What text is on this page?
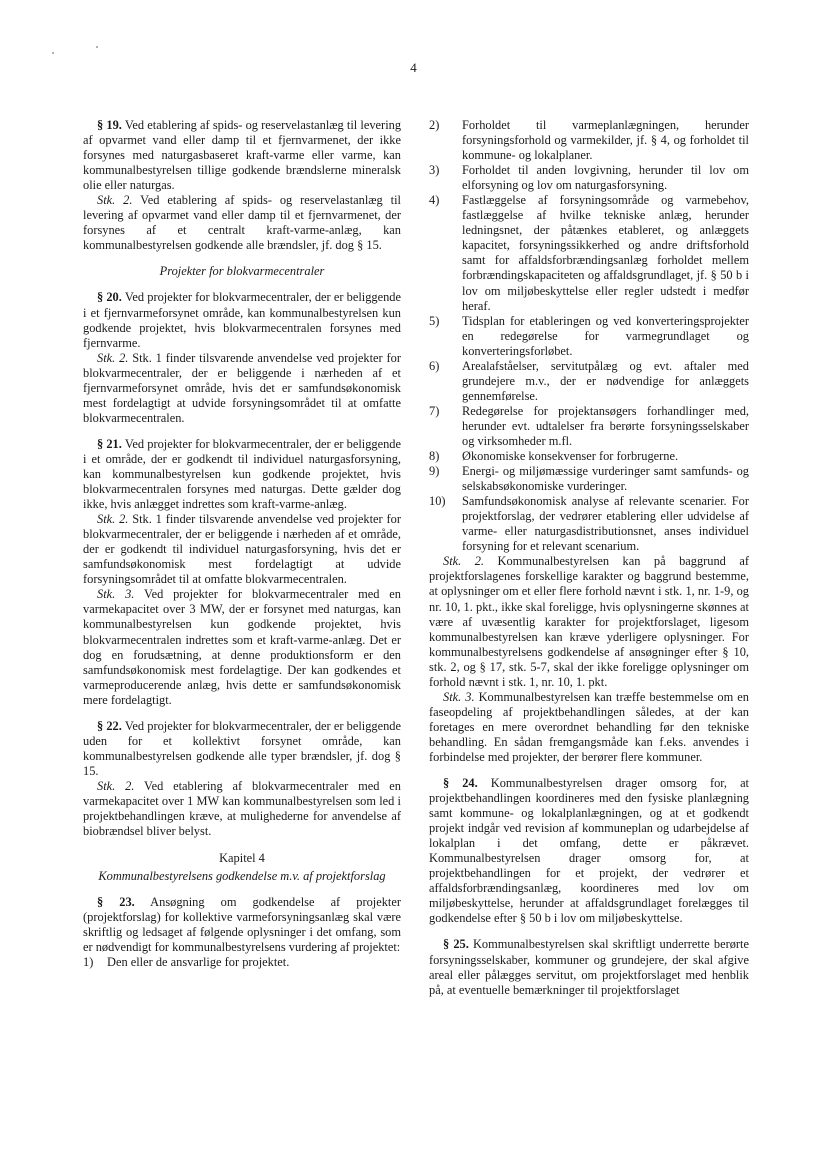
4

§ 19. Ved etablering af spids- og reservelastanlæg til levering af opvarmet vand eller damp til et fjernvarmenet, der ikke forsynes med naturgasbaseret kraft-varme eller varme, kan kommunalbestyrelsen tillige godkende brændslerne mineralsk olie eller naturgas.

Stk. 2. Ved etablering af spids- og reservelastanlæg til levering af opvarmet vand eller damp til et fjernvarmenet, der forsynes af et centralt kraft-varme-anlæg, kan kommunalbestyrelsen godkende alle brændsler, jf. dog § 15.

Projekter for blokvarmecentraler

§ 20. Ved projekter for blokvarmecentraler, der er beliggende i et fjernvarmeforsynet område, kan kommunalbestyrelsen kun godkende projektet, hvis blokvarmecentralen forsynes med fjernvarme.

Stk. 2. Stk. 1 finder tilsvarende anvendelse ved projekter for blokvarmecentraler, der er beliggende i nærheden af et fjernvarmeforsynet område, hvis det er samfundsøkonomisk mest fordelagtigt at udvide forsyningsområdet til at omfatte blokvarmecentralen.

§ 21. Ved projekter for blokvarmecentraler, der er beliggende i et område, der er godkendt til individuel naturgasforsyning, kan kommunalbestyrelsen kun godkende projektet, hvis blokvarmecentralen forsynes med naturgas. Dette gælder dog ikke, hvis anlægget indrettes som kraft-varme-anlæg.

Stk. 2. Stk. 1 finder tilsvarende anvendelse ved projekter for blokvarmecentraler, der er beliggende i nærheden af et område, der er godkendt til individuel naturgasforsyning, hvis det er samfundsøkonomisk mest fordelagtigt at udvide forsyningsområdet til at omfatte blokvarmecentralen.

Stk. 3. Ved projekter for blokvarmecentraler med en varmekapacitet over 3 MW, der er forsynet med naturgas, kan kommunalbestyrelsen kun godkende projektet, hvis blokvarmecentralen indrettes som et kraft-varme-anlæg. Det er dog en forudsætning, at denne produktionsform er den samfundsøkonomisk mest fordelagtige. Der kan godkendes et varmeproducerende anlæg, hvis dette er samfundsøkonomisk mere fordelagtigt.

§ 22. Ved projekter for blokvarmecentraler, der er beliggende uden for et kollektivt forsynet område, kan kommunalbestyrelsen godkende alle typer brændsler, jf. dog § 15.

Stk. 2. Ved etablering af blokvarmecentraler med en varmekapacitet over 1 MW kan kommunalbestyrelsen som led i projektbehandlingen kræve, at mulighederne for anvendelse af biobrændsel bliver belyst.

Kapitel 4

Kommunalbestyrelsens godkendelse m.v. af projektforslag

§ 23. Ansøgning om godkendelse af projekter (projektforslag) for kollektive varmeforsyningsanlæg skal være skriftlig og ledsaget af følgende oplysninger i det omfang, som er nødvendigt for kommunalbestyrelsens vurdering af projektet:

1)	Den eller de ansvarlige for projektet.
2)	Forholdet til varmeplanlægningen, herunder forsyningsforhold og varmekilder, jf. § 4, og forholdet til kommune- og lokalplaner.
3)	Forholdet til anden lovgivning, herunder til lov om elforsyning og lov om naturgasforsyning.
4)	Fastlæggelse af forsyningsområde og varmebehov, fastlæggelse af hvilke tekniske anlæg, herunder ledningsnet, der påtænkes etableret, og anlæggets kapacitet, forsyningssikkerhed og andre driftsforhold samt for affaldsforbrændingsanlæg forholdet mellem forbrændingskapaciteten og affaldsgrundlaget, jf. § 50 b i lov om miljøbeskyttelse eller regler udstedt i medfør heraf.
5)	Tidsplan for etableringen og ved konverteringsprojekter en redegørelse for varmegrundlaget og konverteringsforløbet.
6)	Arealafståelser, servitutpålæg og evt. aftaler med grundejere m.v., der er nødvendige for anlæggets gennemførelse.
7)	Redegørelse for projektansøgers forhandlinger med, herunder evt. udtalelser fra berørte forsyningsselskaber og virksomheder m.fl.
8)	Økonomiske konsekvenser for forbrugerne.
9)	Energi- og miljømæssige vurderinger samt samfunds- og selskabsøkonomiske vurderinger.
10)	Samfundsøkonomisk analyse af relevante scenarier. For projektforslag, der vedrører etablering eller udvidelse af varme- eller naturgasdistributionsnet, anses individuel forsyning for et relevant scenarium.

Stk. 2. Kommunalbestyrelsen kan på baggrund af projektforslagenes forskellige karakter og baggrund bestemme, at oplysninger om et eller flere forhold nævnt i stk. 1, nr. 1-9, og nr. 10, 1. pkt., ikke skal foreligge, hvis oplysningerne skønnes at være af uvæsentlig karakter for projektforslaget, ligesom kommunalbestyrelsen kan kræve yderligere oplysninger. For kommunalbestyrelsens godkendelse af ansøgninger efter § 10, stk. 2, og § 17, stk. 5-7, skal der ikke foreligge oplysninger om forhold nævnt i stk. 1, nr. 10, 1. pkt.

Stk. 3. Kommunalbestyrelsen kan træffe bestemmelse om en faseopdeling af projektbehandlingen således, at der kan foretages en mere overordnet behandling før den tekniske behandling. En sådan fremgangsmåde kan f.eks. anvendes i forbindelse med projekter, der berører flere kommuner.

§ 24. Kommunalbestyrelsen drager omsorg for, at projektbehandlingen koordineres med den fysiske planlægning samt kommune- og lokalplanlægningen, og at et godkendt projekt indgår ved revision af kommuneplan og udarbejdelse af lokalplan i det omfang, dette er påkrævet. Kommunalbestyrelsen drager omsorg for, at projektbehandlingen for et projekt, der vedrører et affaldsforbrændingsanlæg, koordineres med lov om miljøbeskyttelse, herunder at affaldsgrundlaget forelægges til godkendelse efter § 50 b i lov om miljøbeskyttelse.

§ 25. Kommunalbestyrelsen skal skriftligt underrette berørte forsyningsselskaber, kommuner og grundejere, der skal afgive areal eller pålægges servitut, om projektforslaget med henblik på, at eventuelle bemærkninger til projektforslaget
